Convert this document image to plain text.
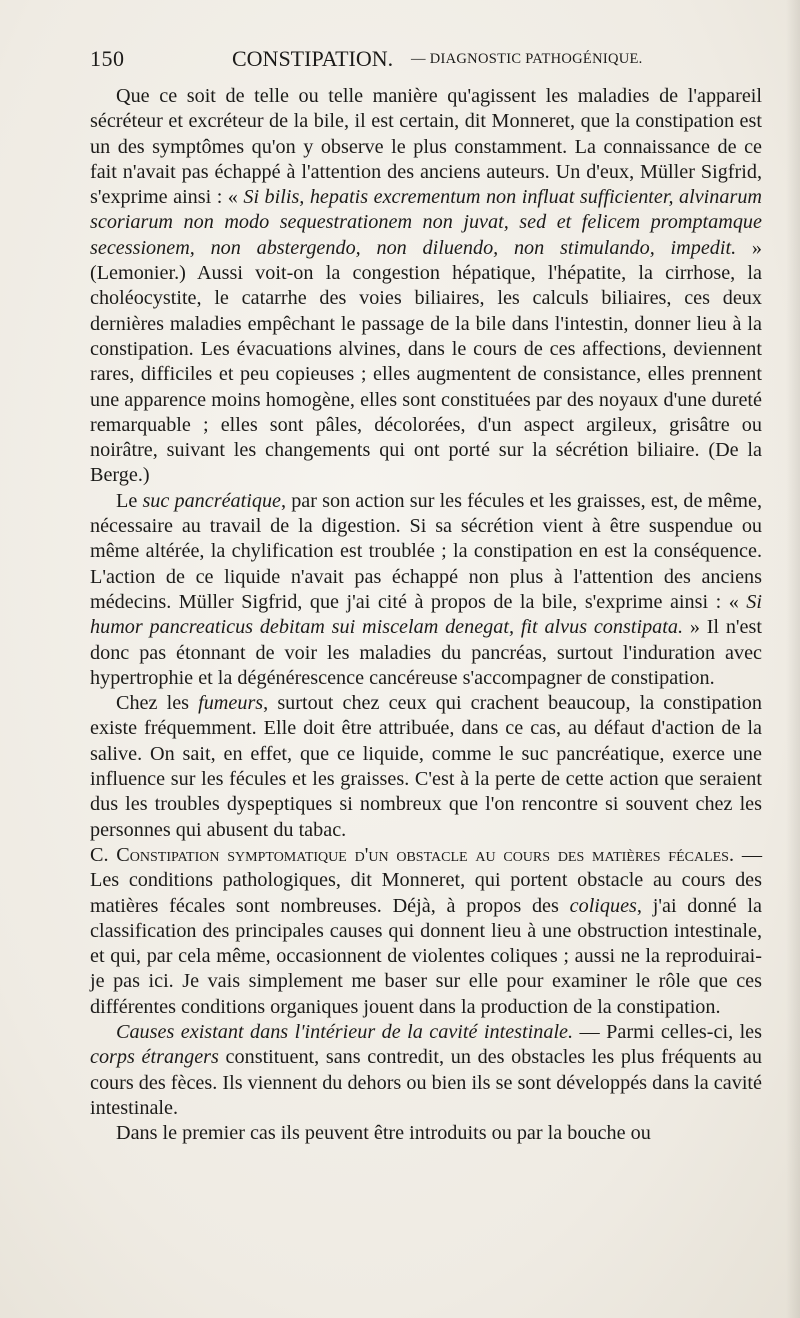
150	CONSTIPATION. — DIAGNOSTIC PATHOGÉNIQUE.

Que ce soit de telle ou telle manière qu'agissent les maladies de l'appareil sécréteur et excréteur de la bile, il est certain, dit Monneret, que la constipation est un des symptômes qu'on y observe le plus constamment. La connaissance de ce fait n'avait pas échappé à l'attention des anciens auteurs. Un d'eux, Müller Sigfrid, s'exprime ainsi : « Si bilis, hepatis excrementum non influat sufficienter, alvinarum scoriarum non modo sequestrationem non juvat, sed et felicem promptamque secessionem, non abstergendo, non diluendo, non stimulando, impedit. » (Lemonier.) Aussi voit-on la congestion hépatique, l'hépatite, la cirrhose, la choléocystite, le catarrhe des voies biliaires, les calculs biliaires, ces deux dernières maladies empêchant le passage de la bile dans l'intestin, donner lieu à la constipation. Les évacuations alvines, dans le cours de ces affections, deviennent rares, difficiles et peu copieuses ; elles augmentent de consistance, elles prennent une apparence moins homogène, elles sont constituées par des noyaux d'une dureté remarquable ; elles sont pâles, décolorées, d'un aspect argileux, grisâtre ou noirâtre, suivant les changements qui ont porté sur la sécrétion biliaire. (De la Berge.)

Le suc pancréatique, par son action sur les fécules et les graisses, est, de même, nécessaire au travail de la digestion. Si sa sécrétion vient à être suspendue ou même altérée, la chylification est troublée ; la constipation en est la conséquence. L'action de ce liquide n'avait pas échappé non plus à l'attention des anciens médecins. Müller Sigfrid, que j'ai cité à propos de la bile, s'exprime ainsi : « Si humor pancreaticus debitam sui miscelam denegat, fit alvus constipata. » Il n'est donc pas étonnant de voir les maladies du pancréas, surtout l'induration avec hypertrophie et la dégénérescence cancéreuse s'accompagner de constipation.

Chez les fumeurs, surtout chez ceux qui crachent beaucoup, la constipation existe fréquemment. Elle doit être attribuée, dans ce cas, au défaut d'action de la salive. On sait, en effet, que ce liquide, comme le suc pancréatique, exerce une influence sur les fécules et les graisses. C'est à la perte de cette action que seraient dus les troubles dyspeptiques si nombreux que l'on rencontre si souvent chez les personnes qui abusent du tabac.

C. Constipation symptomatique d'un obstacle au cours des matières fécales. — Les conditions pathologiques, dit Monneret, qui portent obstacle au cours des matières fécales sont nombreuses. Déjà, à propos des coliques, j'ai donné la classification des principales causes qui donnent lieu à une obstruction intestinale, et qui, par cela même, occasionnent de violentes coliques ; aussi ne la reproduirai-je pas ici. Je vais simplement me baser sur elle pour examiner le rôle que ces différentes conditions organiques jouent dans la production de la constipation.

Causes existant dans l'intérieur de la cavité intestinale. — Parmi celles-ci, les corps étrangers constituent, sans contredit, un des obstacles les plus fréquents au cours des fèces. Ils viennent du dehors ou bien ils se sont développés dans la cavité intestinale.

Dans le premier cas ils peuvent être introduits ou par la bouche ou
